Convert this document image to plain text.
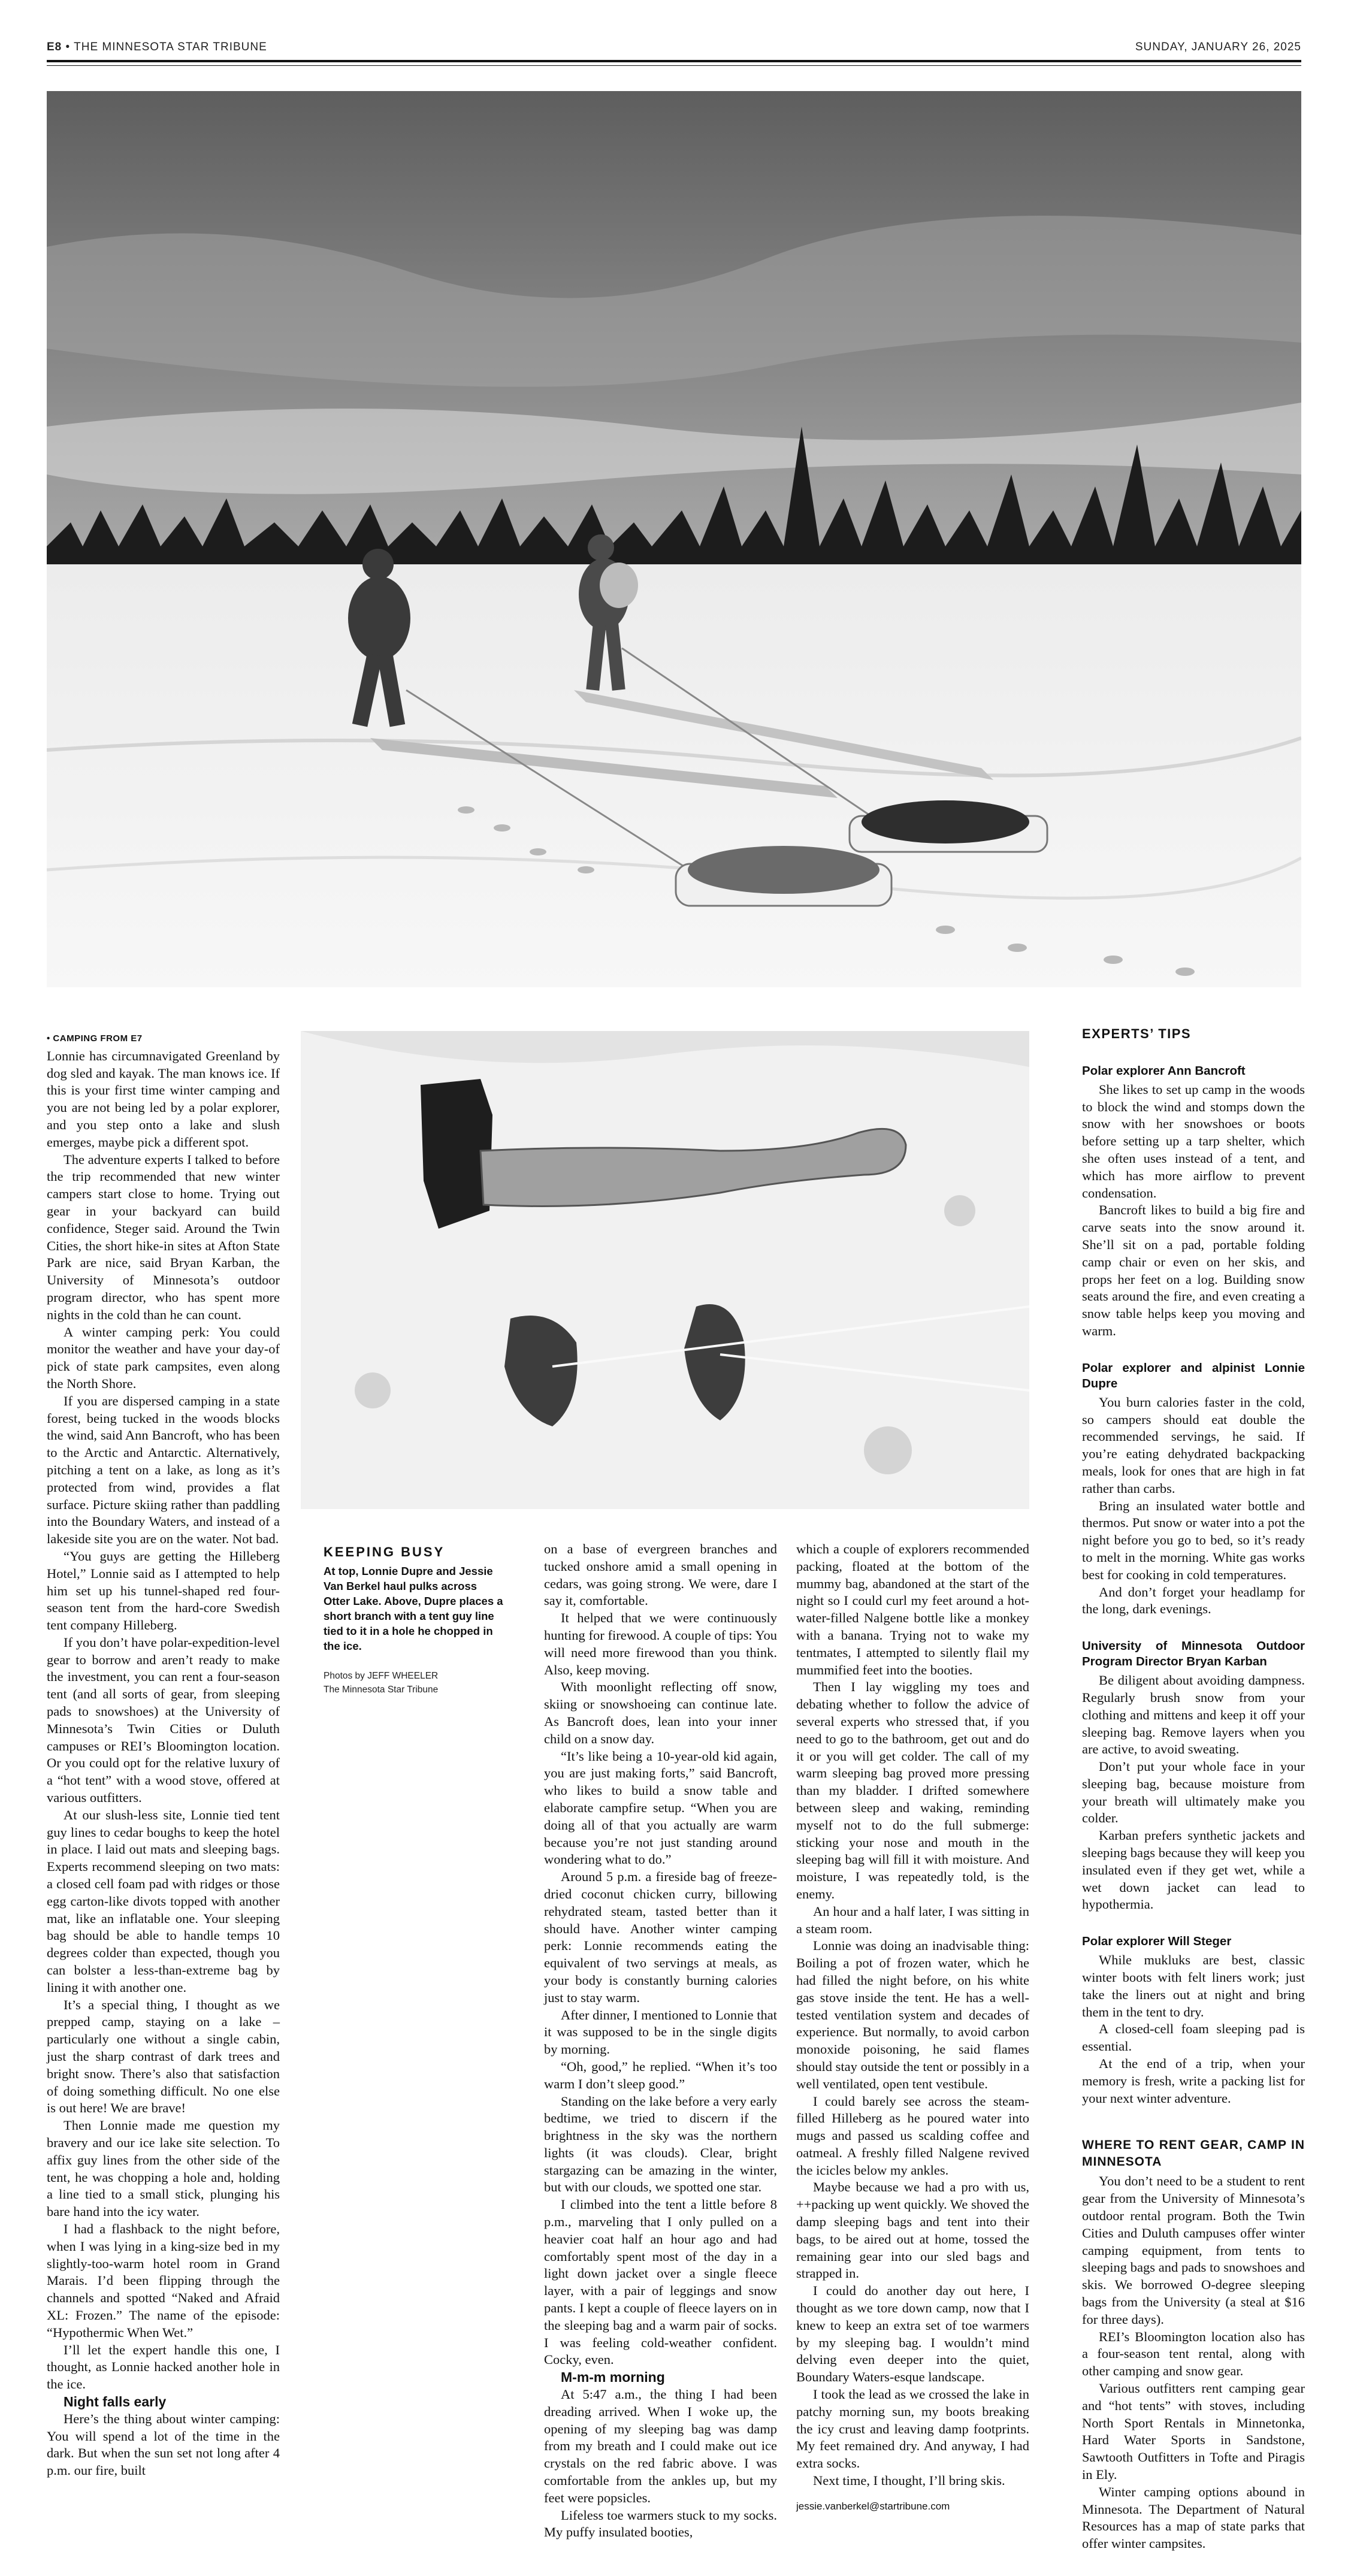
E8 • THE MINNESOTA STAR TRIBUNE	SUNDAY, JANUARY 26, 2025

• CAMPING FROM E7

Lonnie has circumnavigated Greenland by dog sled and kayak. The man knows ice. If this is your first time winter camping and you are not being led by a polar explorer, and you step onto a lake and slush emerges, maybe pick a different spot.

The adventure experts I talked to before the trip recommended that new winter campers start close to home. Trying out gear in your backyard can build confidence, Steger said. Around the Twin Cities, the short hike-in sites at Afton State Park are nice, said Bryan Karban, the University of Minnesota’s outdoor program director, who has spent more nights in the cold than he can count.

A winter camping perk: You could monitor the weather and have your day-of pick of state park campsites, even along the North Shore.

If you are dispersed camping in a state forest, being tucked in the woods blocks the wind, said Ann Bancroft, who has been to the Arctic and Antarctic. Alternatively, pitching a tent on a lake, as long as it’s protected from wind, provides a flat surface. Picture skiing rather than paddling into the Boundary Waters, and instead of a lakeside site you are on the water. Not bad.

“You guys are getting the Hilleberg Hotel,” Lonnie said as I attempted to help him set up his tunnel-shaped red four-season tent from the hard-core Swedish tent company Hilleberg.

If you don’t have polar-expedition-level gear to borrow and aren’t ready to make the investment, you can rent a four-season tent (and all sorts of gear, from sleeping pads to snowshoes) at the University of Minnesota’s Twin Cities or Duluth campuses or REI’s Bloomington location. Or you could opt for the relative luxury of a “hot tent” with a wood stove, offered at various outfitters.

At our slush-less site, Lonnie tied tent guy lines to cedar boughs to keep the hotel in place. I laid out mats and sleeping bags. Experts recommend sleeping on two mats: a closed cell foam pad with ridges or those egg carton-like divots topped with another mat, like an inflatable one. Your sleeping bag should be able to handle temps 10 degrees colder than expected, though you can bolster a less-than-extreme bag by lining it with another one.

It’s a special thing, I thought as we prepped camp, staying on a lake – particularly one without a single cabin, just the sharp contrast of dark trees and bright snow. There’s also that satisfaction of doing something difficult. No one else is out here! We are brave!

Then Lonnie made me question my bravery and our ice lake site selection. To affix guy lines from the other side of the tent, he was chopping a hole and, holding a line tied to a small stick, plunging his bare hand into the icy water.

I had a flashback to the night before, when I was lying in a king-size bed in my slightly-too-warm hotel room in Grand Marais. I’d been flipping through the channels and spotted “Naked and Afraid XL: Frozen.” The name of the episode: “Hypothermic When Wet.”

I’ll let the expert handle this one, I thought, as Lonnie hacked another hole in the ice.

Night falls early

Here’s the thing about winter camping: You will spend a lot of the time in the dark. But when the sun set not long after 4 p.m. our fire, built

KEEPING BUSY
At top, Lonnie Dupre and Jessie Van Berkel haul pulks across Otter Lake. Above, Dupre places a short branch with a tent guy line tied to it in a hole he chopped in the ice.
Photos by JEFF WHEELER
The Minnesota Star Tribune

on a base of evergreen branches and tucked onshore amid a small opening in cedars, was going strong. We were, dare I say it, comfortable.

It helped that we were continuously hunting for firewood. A couple of tips: You will need more firewood than you think. Also, keep moving.

With moonlight reflecting off snow, skiing or snowshoeing can continue late. As Bancroft does, lean into your inner child on a snow day.

“It’s like being a 10-year-old kid again, you are just making forts,” said Bancroft, who likes to build a snow table and elaborate campfire setup. “When you are doing all of that you actually are warm because you’re not just standing around wondering what to do.”

Around 5 p.m. a fireside bag of freeze-dried coconut chicken curry, billowing rehydrated steam, tasted better than it should have. Another winter camping perk: Lonnie recommends eating the equivalent of two servings at meals, as your body is constantly burning calories just to stay warm.

After dinner, I mentioned to Lonnie that it was supposed to be in the single digits by morning.

“Oh, good,” he replied. “When it’s too warm I don’t sleep good.”

Standing on the lake before a very early bedtime, we tried to discern if the brightness in the sky was the northern lights (it was clouds). Clear, bright stargazing can be amazing in the winter, but with our clouds, we spotted one star.

I climbed into the tent a little before 8 p.m., marveling that I only pulled on a heavier coat half an hour ago and had comfortably spent most of the day in a light down jacket over a single fleece layer, with a pair of leggings and snow pants. I kept a couple of fleece layers on in the sleeping bag and a warm pair of socks. I was feeling cold-weather confident. Cocky, even.

M-m-m morning

At 5:47 a.m., the thing I had been dreading arrived. When I woke up, the opening of my sleeping bag was damp from my breath and I could make out ice crystals on the red fabric above. I was comfortable from the ankles up, but my feet were popsicles.

Lifeless toe warmers stuck to my socks. My puffy insulated booties,

which a couple of explorers recommended packing, floated at the bottom of the mummy bag, abandoned at the start of the night so I could curl my feet around a hot-water-filled Nalgene bottle like a monkey with a banana. Trying not to wake my tentmates, I attempted to silently flail my mummified feet into the booties.

Then I lay wiggling my toes and debating whether to follow the advice of several experts who stressed that, if you need to go to the bathroom, get out and do it or you will get colder. The call of my warm sleeping bag proved more pressing than my bladder. I drifted somewhere between sleep and waking, reminding myself not to do the full submerge: sticking your nose and mouth in the sleeping bag will fill it with moisture. And moisture, I was repeatedly told, is the enemy.

An hour and a half later, I was sitting in a steam room.

Lonnie was doing an inadvisable thing: Boiling a pot of frozen water, which he had filled the night before, on his white gas stove inside the tent. He has a well-tested ventilation system and decades of experience. But normally, to avoid carbon monoxide poisoning, he said flames should stay outside the tent or possibly in a well ventilated, open tent vestibule.

I could barely see across the steam-filled Hilleberg as he poured water into mugs and passed us scalding coffee and oatmeal. A freshly filled Nalgene revived the icicles below my ankles.

Maybe because we had a pro with us, ++packing up went quickly. We shoved the damp sleeping bags and tent into their bags, to be aired out at home, tossed the remaining gear into our sled bags and strapped in.

I could do another day out here, I thought as we tore down camp, now that I knew to keep an extra set of toe warmers by my sleeping bag. I wouldn’t mind delving even deeper into the quiet, Boundary Waters-esque landscape.

I took the lead as we crossed the lake in patchy morning sun, my boots breaking the icy crust and leaving damp footprints. My feet remained dry. And anyway, I had extra socks.

Next time, I thought, I’ll bring skis.

jessie.vanberkel@startribune.com
EXPERTS’ TIPS
Polar explorer Ann Bancroft

She likes to set up camp in the woods to block the wind and stomps down the snow with her snowshoes or boots before setting up a tarp shelter, which she often uses instead of a tent, and which has more airflow to prevent condensation.

Bancroft likes to build a big fire and carve seats into the snow around it. She’ll sit on a pad, portable folding camp chair or even on her skis, and props her feet on a log. Building snow seats around the fire, and even creating a snow table helps keep you moving and warm.

Polar explorer and alpinist Lonnie Dupre

You burn calories faster in the cold, so campers should eat double the recommended servings, he said. If you’re eating dehydrated backpacking meals, look for ones that are high in fat rather than carbs.

Bring an insulated water bottle and thermos. Put snow or water into a pot the night before you go to bed, so it’s ready to melt in the morning. White gas works best for cooking in cold temperatures.

And don’t forget your headlamp for the long, dark evenings.

University of Minnesota Outdoor Program Director Bryan Karban

Be diligent about avoiding dampness. Regularly brush snow from your clothing and mittens and keep it off your sleeping bag. Remove layers when you are active, to avoid sweating.

Don’t put your whole face in your sleeping bag, because moisture from your breath will ultimately make you colder.

Karban prefers synthetic jackets and sleeping bags because they will keep you insulated even if they get wet, while a wet down jacket can lead to hypothermia.

Polar explorer Will Steger

While mukluks are best, classic winter boots with felt liners work; just take the liners out at night and bring them in the tent to dry.

A closed-cell foam sleeping pad is essential.

At the end of a trip, when your memory is fresh, write a packing list for your next winter adventure.

WHERE TO RENT GEAR, CAMP IN MINNESOTA

You don’t need to be a student to rent gear from the University of Minnesota’s outdoor rental program. Both the Twin Cities and Duluth campuses offer winter camping equipment, from tents to sleeping bags and pads to snowshoes and skis. We borrowed O-degree sleeping bags from the University (a steal at $16 for three days).

REI’s Bloomington location also has a four-season tent rental, along with other camping and snow gear.

Various outfitters rent camping gear and “hot tents” with stoves, including North Sport Rentals in Minnetonka, Hard Water Sports in Sandstone, Sawtooth Outfitters in Tofte and Piragis in Ely.

Winter camping options abound in Minnesota. The Department of Natural Resources has a map of state parks that offer winter campsites.
